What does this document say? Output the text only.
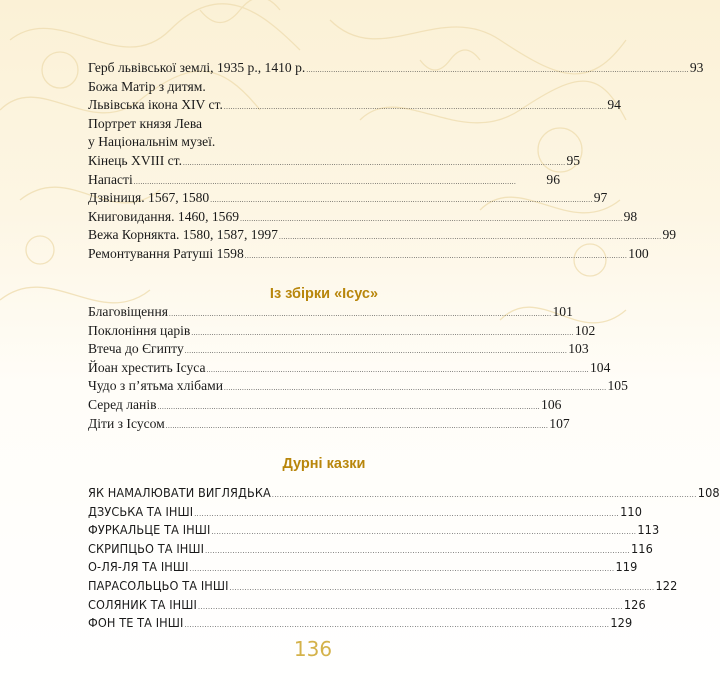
Герб львівської землі, 1935 р., 1410 р. .......................................................................................................................................................................... 93
Божа Матір з дитям.
Львівська ікона XIV ст. .......................................................................................................................................................................... 94
Портрет князя Лева
у Національнім музеї.
Кінець XVIII ст. .......................................................................................................................................................................... 95
Напасті ..........................................................................................................................................................................	96
Дзвіниця. 1567, 1580 .......................................................................................................................................................................... 97
Книговидання. 1460, 1569 .......................................................................................................................................................................... 98
Вежа Корнякта. 1580, 1587, 1997 .......................................................................................................................................................................... 99
Ремонтування Ратуші 1598 .......................................................................................................................................................................... 100
Із збірки «Ісус»
Благовіщення .......................................................................................................................................................................... 101
Поклоніння царів .......................................................................................................................................................................... 102
Втеча до Єгипту .......................................................................................................................................................................... 103
Йоан хрестить Ісуса .......................................................................................................................................................................... 104
Чудо з п’ятьма хлібами .......................................................................................................................................................................... 105
Серед ланів .......................................................................................................................................................................... 106
Діти з Ісусом .......................................................................................................................................................................... 107
Дурні казки
ЯК НАМАЛЮВАТИ ВИГЛЯДЬКА .......................................................................................................................................................................... 108
ДЗУСЬКА ТА ІНШІ .......................................................................................................................................................................... 110
ФУРКАЛЬЦЕ ТА ІНШІ .......................................................................................................................................................................... 113
СКРИПЦЬО ТА ІНШІ .......................................................................................................................................................................... 116
О-ЛЯ-ЛЯ ТА ІНШІ .......................................................................................................................................................................... 119
ПАРАСОЛЬЦЬО ТА ІНШІ .......................................................................................................................................................................... 122
СОЛЯНИК ТА ІНШІ .......................................................................................................................................................................... 126
ФОН ТЕ ТА ІНШІ .......................................................................................................................................................................... 129
136
